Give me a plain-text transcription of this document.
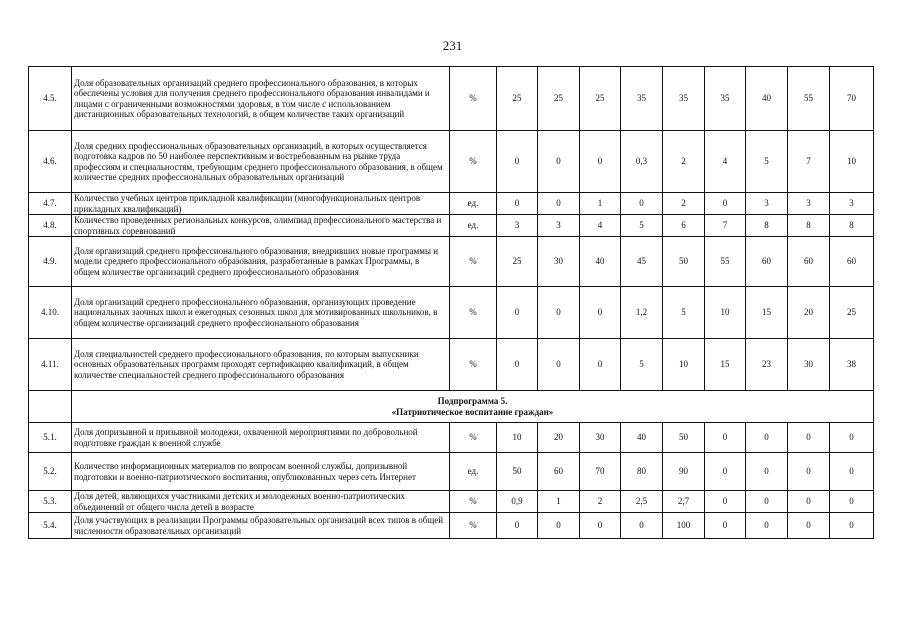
231
4.5.	Доля образовательных организаций среднего профессионального образования, в которых обеспечены условия для получения среднего профессионального образования инвалидами и лицами с ограниченными возможностями здоровья, в том числе с использованием дистанционных образовательных технологий, в общем количестве таких организаций	%	25	25	25	35	35	35	40	55	70
4.6.	Доля средних профессиональных образовательных организаций, в которых осуществляется подготовка кадров по 50 наиболее перспективным и востребованным на рынке труда профессиям и специальностям, требующим среднего профессионального образования, в общем количестве средних профессиональных образовательных организаций	%	0	0	0	0,3	2	4	5	7	10
4.7.	Количество учебных центров прикладной квалификации (многофункциональных центров прикладных квалификаций)	ед.	0	0	1	0	2	0	3	3	3
4.8.	Количество проведенных региональных конкурсов, олимпиад профессионального мастерства и спортивных соревнований	ед.	3	3	4	5	6	7	8	8	8
4.9.	Доля организаций среднего профессионального образования, внедривших новые программы и модели среднего профессионального образования, разработанные в рамках Программы, в общем количестве организаций среднего профессионального образования	%	25	30	40	45	50	55	60	60	60
4.10.	Доля организаций среднего профессионального образования, организующих проведение национальных заочных школ и ежегодных сезонных школ для мотивированных школьников, в общем количестве организаций среднего профессионального образования	%	0	0	0	1,2	5	10	15	20	25
4.11.	Доля специальностей среднего профессионального образования, по которым выпускники основных образовательных программ проходят сертификацию квалификаций, в общем количестве специальностей среднего профессионального образования	%	0	0	0	5	10	15	23	30	38

	Подпрограмма 5.
«Патриотическое воспитание граждан»										

5.1.	Доля допризывной и призывной молодежи, охваченной мероприятиями по добровольной подготовке граждан к военной службе	%	10	20	30	40	50	0	0	0	0
5.2.	Количество информационных материалов по вопросам военной службы, допризывной подготовки и военно-патриотического воспитания, опубликованных через сеть Интернет	ед.	50	60	70	80	90	0	0	0	0
5.3.	Доля детей, являющихся участниками детских и молодежных военно-патриотических объединений от общего числа детей в возрасте	%	0,9	1	2	2,5	2,7	0	0	0	0
5.4.	Доля участвующих в реализации Программы образовательных организаций всех типов в общей численности образовательных организаций	%	0	0	0	0	100	0	0	0	0
